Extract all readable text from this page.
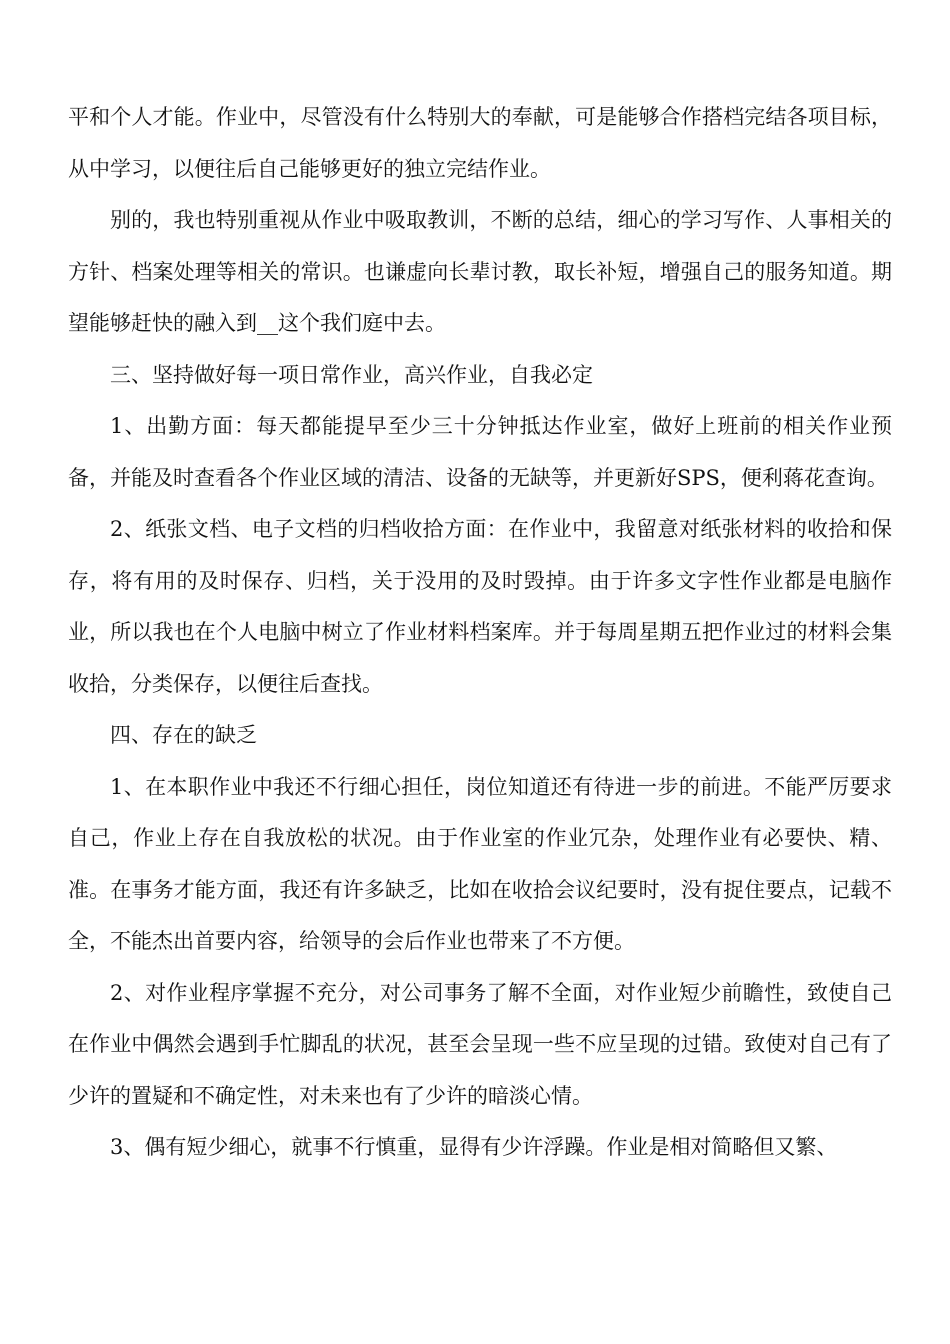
平和个人才能。作业中，尽管没有什么特别大的奉献，可是能够合作搭档完结各项目标，从中学习，以便往后自己能够更好的独立完结作业。

别的，我也特别重视从作业中吸取教训，不断的总结，细心的学习写作、人事相关的方针、档案处理等相关的常识。也谦虚向长辈讨教，取长补短，增强自己的服务知道。期望能够赶快的融入到__这个我们庭中去。

三、坚持做好每一项日常作业，高兴作业，自我必定

1、出勤方面：每天都能提早至少三十分钟抵达作业室，做好上班前的相关作业预备，并能及时查看各个作业区域的清洁、设备的无缺等，并更新好SPS，便利蒋花查询。

2、纸张文档、电子文档的归档收拾方面：在作业中，我留意对纸张材料的收拾和保存，将有用的及时保存、归档，关于没用的及时毁掉。由于许多文字性作业都是电脑作业，所以我也在个人电脑中树立了作业材料档案库。并于每周星期五把作业过的材料会集收拾，分类保存，以便往后查找。

四、存在的缺乏

1、在本职作业中我还不行细心担任，岗位知道还有待进一步的前进。不能严厉要求自己，作业上存在自我放松的状况。由于作业室的作业冗杂，处理作业有必要快、精、准。在事务才能方面，我还有许多缺乏，比如在收拾会议纪要时，没有捉住要点，记载不全，不能杰出首要内容，给领导的会后作业也带来了不方便。

2、对作业程序掌握不充分，对公司事务了解不全面，对作业短少前瞻性，致使自己在作业中偶然会遇到手忙脚乱的状况，甚至会呈现一些不应呈现的过错。致使对自己有了少许的置疑和不确定性，对未来也有了少许的暗淡心情。

3、偶有短少细心，就事不行慎重，显得有少许浮躁。作业是相对简略但又繁、
